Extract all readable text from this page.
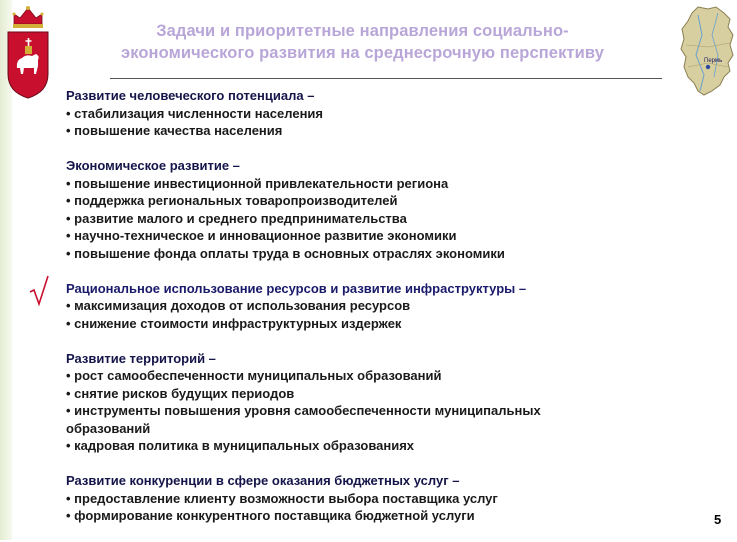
Пермь
Задачи и приоритетные направления социально-
экономического развития на среднесрочную перспективу
Развитие человеческого потенциала –
• стабилизация численности населения
• повышение качества населения
Экономическое развитие –
• повышение инвестиционной привлекательности региона
• поддержка региональных товаропроизводителей
• развитие малого и среднего предпринимательства
• научно-техническое и инновационное развитие экономики
• повышение фонда оплаты труда в основных отраслях экономики
Рациональное использование ресурсов и развитие инфраструктуры –
• максимизация доходов от использования ресурсов
• снижение стоимости инфраструктурных издержек
Развитие территорий –
• рост самообеспеченности муниципальных образований
• снятие рисков будущих периодов
• инструменты повышения уровня самообеспеченности муниципальных
образований
• кадровая политика в муниципальных образованиях
Развитие конкуренции в сфере оказания бюджетных услуг –
• предоставление клиенту возможности выбора поставщика услуг
• формирование конкурентного поставщика бюджетной услуги	5
